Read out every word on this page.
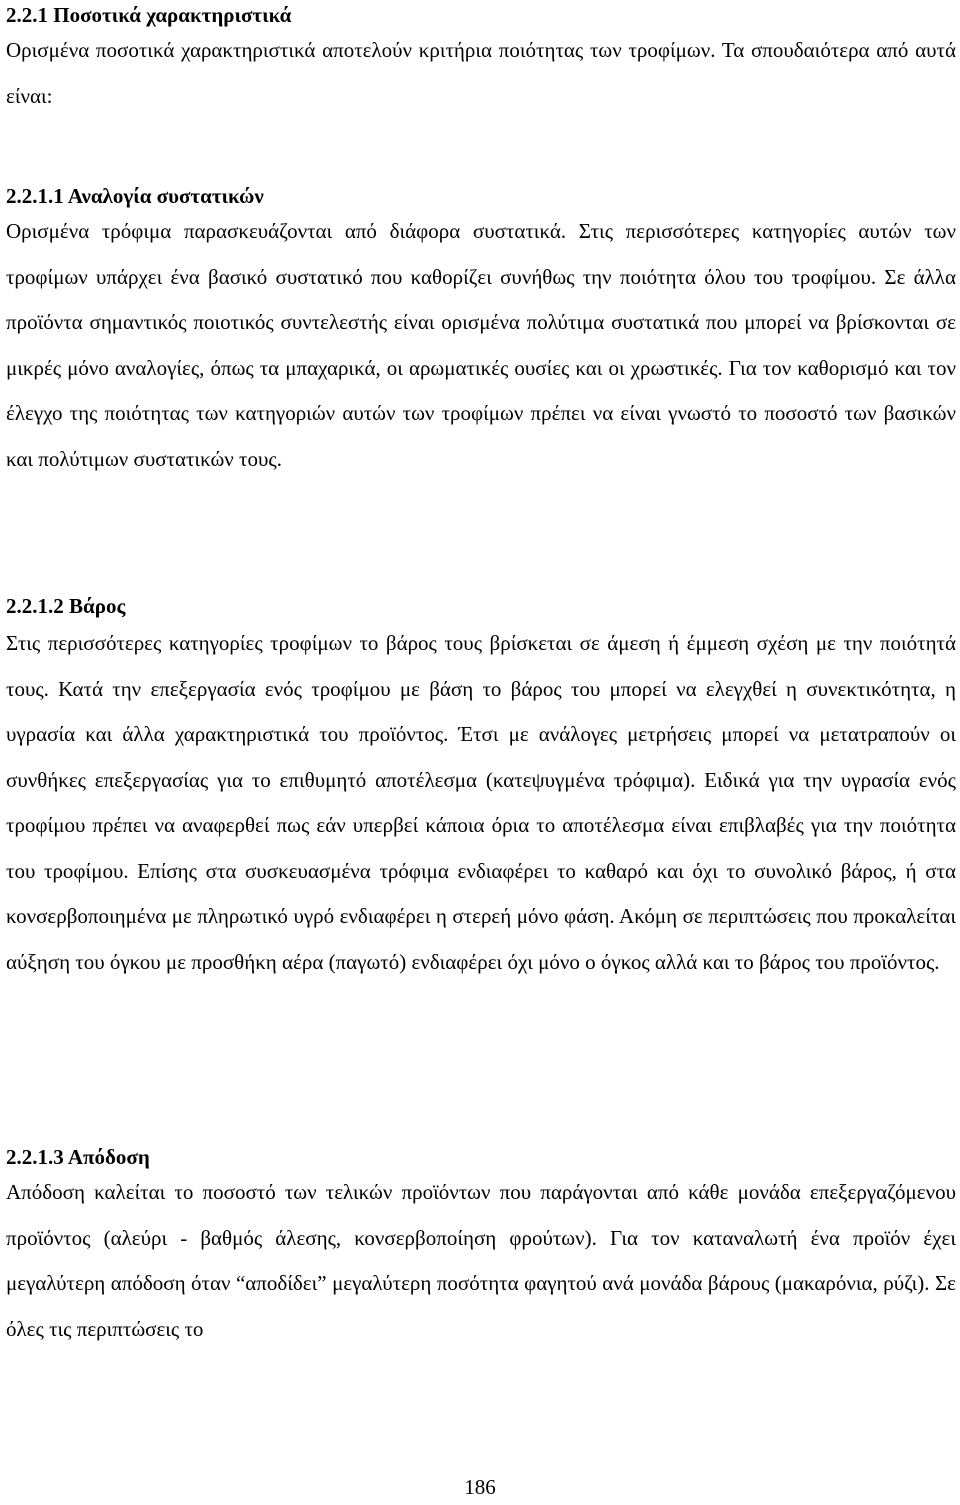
2.2.1 Ποσοτικά χαρακτηριστικά

Ορισμένα ποσοτικά χαρακτηριστικά αποτελούν κριτήρια ποιότητας των τροφίμων. Τα σπουδαιότερα από αυτά είναι:

2.2.1.1 Αναλογία συστατικών

Ορισμένα τρόφιμα παρασκευάζονται από διάφορα συστατικά. Στις περισσότερες κατηγορίες αυτών των τροφίμων υπάρχει ένα βασικό συστατικό που καθορίζει συνήθως την ποιότητα όλου του τροφίμου. Σε άλλα προϊόντα σημαντικός ποιοτικός συντελεστής είναι ορισμένα πολύτιμα συστατικά που μπορεί να βρίσκονται σε μικρές μόνο αναλογίες, όπως τα μπαχαρικά, οι αρωματικές ουσίες και οι χρωστικές. Για τον καθορισμό και τον έλεγχο της ποιότητας των κατηγοριών αυτών των τροφίμων πρέπει να είναι γνωστό το ποσοστό των βασικών και πολύτιμων συστατικών τους.

2.2.1.2 Βάρος

Στις περισσότερες κατηγορίες τροφίμων το βάρος τους βρίσκεται σε άμεση ή έμμεση σχέση με την ποιότητά τους. Κατά την επεξεργασία ενός τροφίμου με βάση το βάρος του μπορεί να ελεγχθεί η συνεκτικότητα, η υγρασία και άλλα χαρακτηριστικά του προϊόντος. Έτσι με ανάλογες μετρήσεις μπορεί να μετατραπούν οι συνθήκες επεξεργασίας για το επιθυμητό αποτέλεσμα (κατεψυγμένα τρόφιμα). Ειδικά για την υγρασία ενός τροφίμου πρέπει να αναφερθεί πως εάν υπερβεί κάποια όρια το αποτέλεσμα είναι επιβλαβές για την ποιότητα του τροφίμου. Επίσης στα συσκευασμένα τρόφιμα ενδιαφέρει το καθαρό και όχι το συνολικό βάρος, ή στα κονσερβοποιημένα με πληρωτικό υγρό ενδιαφέρει η στερεή μόνο φάση. Ακόμη σε περιπτώσεις που προκαλείται αύξηση του όγκου με προσθήκη αέρα (παγωτό) ενδιαφέρει όχι μόνο ο όγκος αλλά και το βάρος του προϊόντος.

2.2.1.3 Απόδοση

Απόδοση καλείται το ποσοστό των τελικών προϊόντων που παράγονται από κάθε μονάδα επεξεργαζόμενου προϊόντος (αλεύρι - βαθμός άλεσης, κονσερβοποίηση φρούτων). Για τον καταναλωτή ένα προϊόν έχει μεγαλύτερη απόδοση όταν “αποδίδει” μεγαλύτερη ποσότητα φαγητού ανά μονάδα βάρους (μακαρόνια, ρύζι). Σε όλες τις περιπτώσεις το

186
